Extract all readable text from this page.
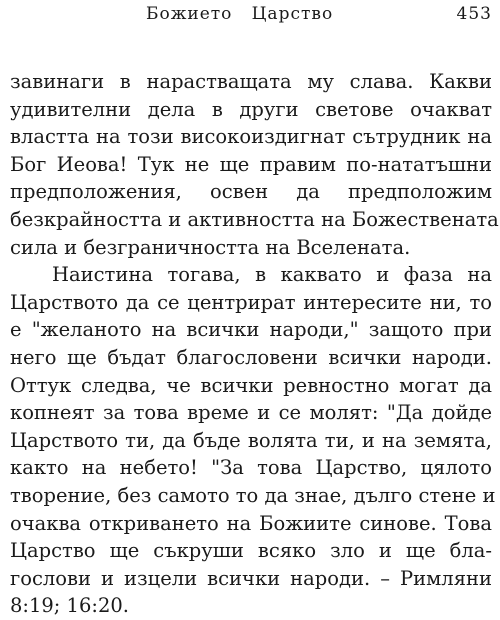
Божието   Царство	453
завинаги в нарастващата му слава. Какви
удивителни дела в други светове очакват
властта на този високоиздигнат сътрудник на
Бог Иеова! Тук не ще правим по-нататъшни
предположения, освен да предположим
безкрайността и активността на Божествената
сила и безграничността на Вселената.
Наистина тогава, в каквато и фаза на
Царството да се центрират интересите ни, то
е "желаното на всички народи," защото при
него ще бъдат благословени всички народи.
Оттук следва, че всички ревностно могат да
копнеят за това време и се молят: "Да дойде
Царството ти, да бъде волята ти, и на земята,
както на небето! "За това Царство, цялото
творение, без самото то да знае, дълго стене и
очаква откриването на Божиите синове. Това
Царство ще съкруши всяко зло и ще бла-
гослови и изцели всички народи. – Римляни
8:19; 16:20.
